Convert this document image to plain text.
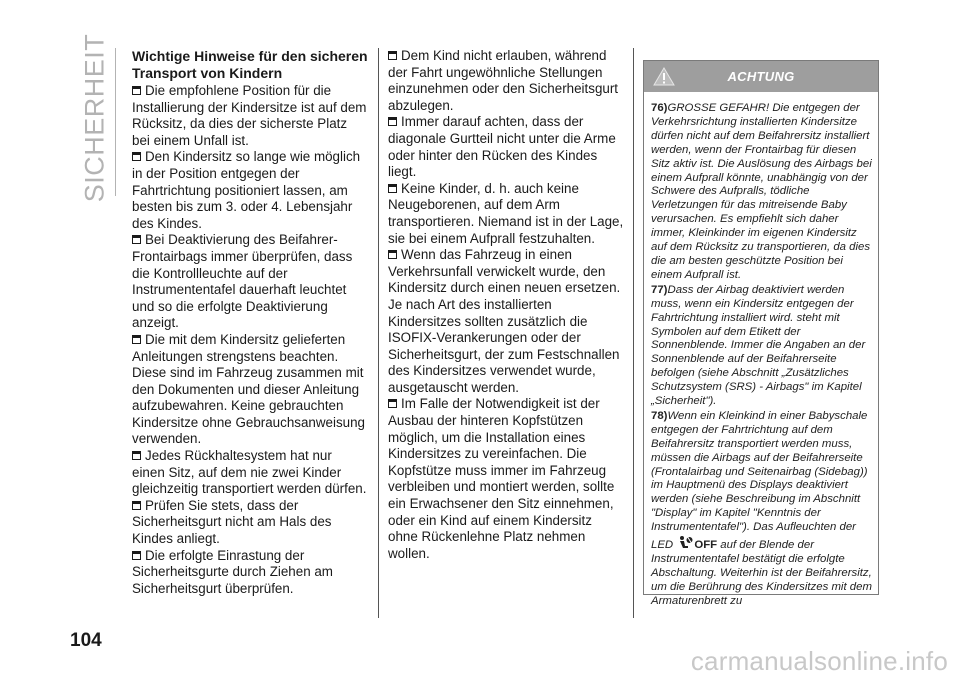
SICHERHEIT Wichtige Hinweise für den sicheren Transport von Kindern

Die empfohlene Position für die Installierung der Kindersitze ist auf dem Rücksitz, da dies der sicherste Platz bei einem Unfall ist.

Den Kindersitz so lange wie möglich in der Position entgegen der Fahrtrichtung positioniert lassen, am besten bis zum 3. oder 4. Lebensjahr des Kindes.

Bei Deaktivierung des Beifahrer-Frontairbags immer überprüfen, dass die Kontrollleuchte auf der Instrumententafel dauerhaft leuchtet und so die erfolgte Deaktivierung anzeigt.

Die mit dem Kindersitz gelieferten Anleitungen strengstens beachten. Diese sind im Fahrzeug zusammen mit den Dokumenten und dieser Anleitung aufzubewahren. Keine gebrauchten Kindersitze ohne Gebrauchsanweisung verwenden.

Jedes Rückhaltesystem hat nur einen Sitz, auf dem nie zwei Kinder gleichzeitig transportiert werden dürfen.

Prüfen Sie stets, dass der Sicherheitsgurt nicht am Hals des Kindes anliegt.

Die erfolgte Einrastung der Sicherheitsgurte durch Ziehen am Sicherheitsgurt überprüfen.

Dem Kind nicht erlauben, während der Fahrt ungewöhnliche Stellungen einzunehmen oder den Sicherheitsgurt abzulegen.

Immer darauf achten, dass der diagonale Gurtteil nicht unter die Arme oder hinter den Rücken des Kindes liegt.

Keine Kinder, d. h. auch keine Neugeborenen, auf dem Arm transportieren. Niemand ist in der Lage, sie bei einem Aufprall festzuhalten.

Wenn das Fahrzeug in einen Verkehrsunfall verwickelt wurde, den Kindersitz durch einen neuen ersetzen. Je nach Art des installierten Kindersitzes sollten zusätzlich die ISOFIX-Verankerungen oder der Sicherheitsgurt, der zum Festschnallen des Kindersitzes verwendet wurde, ausgetauscht werden.

Im Falle der Notwendigkeit ist der Ausbau der hinteren Kopfstützen möglich, um die Installation eines Kindersitzes zu vereinfachen. Die Kopfstütze muss immer im Fahrzeug verbleiben und montiert werden, sollte ein Erwachsener den Sitz einnehmen, oder ein Kind auf einem Kindersitz ohne Rückenlehne Platz nehmen wollen.

ACHTUNG

76)GROSSE GEFAHR! Die entgegen der Verkehrsrichtung installierten Kindersitze dürfen nicht auf dem Beifahrersitz installiert werden, wenn der Frontairbag für diesen Sitz aktiv ist. Die Auslösung des Airbags bei einem Aufprall könnte, unabhängig von der Schwere des Aufpralls, tödliche Verletzungen für das mitreisende Baby verursachen. Es empfiehlt sich daher immer, Kleinkinder im eigenen Kindersitz auf dem Rücksitz zu transportieren, da dies die am besten geschützte Position bei einem Aufprall ist.

77)Dass der Airbag deaktiviert werden muss, wenn ein Kindersitz entgegen der Fahrtrichtung installiert wird. steht mit Symbolen auf dem Etikett der Sonnenblende. Immer die Angaben an der Sonnenblende auf der Beifahrerseite befolgen (siehe Abschnitt „Zusätzliches Schutzsystem (SRS) - Airbags" im Kapitel „Sicherheit").

78)Wenn ein Kleinkind in einer Babyschale entgegen der Fahrtrichtung auf dem Beifahrersitz transportiert werden muss, müssen die Airbags auf der Beifahrerseite (Frontalairbag und Seitenairbag (Sidebag)) im Hauptmenü des Displays deaktiviert werden (siehe Beschreibung im Abschnitt "Display" im Kapitel "Kenntnis der Instrumententafel"). Das Aufleuchten der LED OFF auf der Blende der Instrumententafel bestätigt die erfolgte Abschaltung. Weiterhin ist der Beifahrersitz, um die Berührung des Kindersitzes mit dem Armaturenbrett zu

104
carmanualsonline.info
